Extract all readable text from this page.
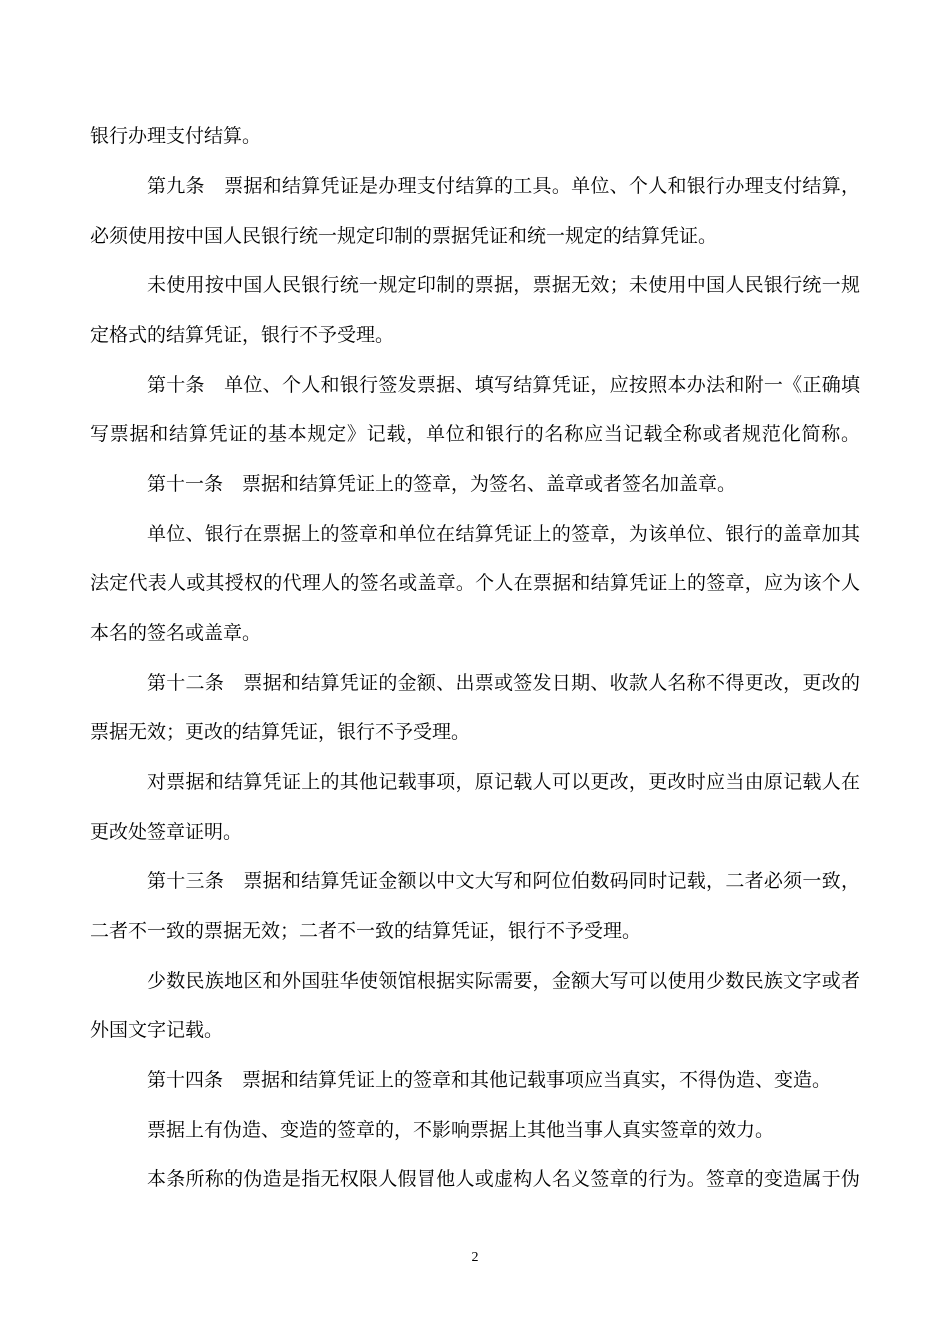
银行办理支付结算。

第九条　票据和结算凭证是办理支付结算的工具。单位、个人和银行办理支付结算，

必须使用按中国人民银行统一规定印制的票据凭证和统一规定的结算凭证。

未使用按中国人民银行统一规定印制的票据，票据无效；未使用中国人民银行统一规

定格式的结算凭证，银行不予受理。

第十条　单位、个人和银行签发票据、填写结算凭证，应按照本办法和附一《正确填

写票据和结算凭证的基本规定》记载，单位和银行的名称应当记载全称或者规范化简称。

第十一条　票据和结算凭证上的签章，为签名、盖章或者签名加盖章。

单位、银行在票据上的签章和单位在结算凭证上的签章，为该单位、银行的盖章加其

法定代表人或其授权的代理人的签名或盖章。个人在票据和结算凭证上的签章，应为该个人

本名的签名或盖章。

第十二条　票据和结算凭证的金额、出票或签发日期、收款人名称不得更改，更改的

票据无效；更改的结算凭证，银行不予受理。

对票据和结算凭证上的其他记载事项，原记载人可以更改，更改时应当由原记载人在

更改处签章证明。

第十三条　票据和结算凭证金额以中文大写和阿位伯数码同时记载，二者必须一致，

二者不一致的票据无效；二者不一致的结算凭证，银行不予受理。

少数民族地区和外国驻华使领馆根据实际需要，金额大写可以使用少数民族文字或者

外国文字记载。

第十四条　票据和结算凭证上的签章和其他记载事项应当真实，不得伪造、变造。

票据上有伪造、变造的签章的，不影响票据上其他当事人真实签章的效力。

本条所称的伪造是指无权限人假冒他人或虚构人名义签章的行为。签章的变造属于伪

2
